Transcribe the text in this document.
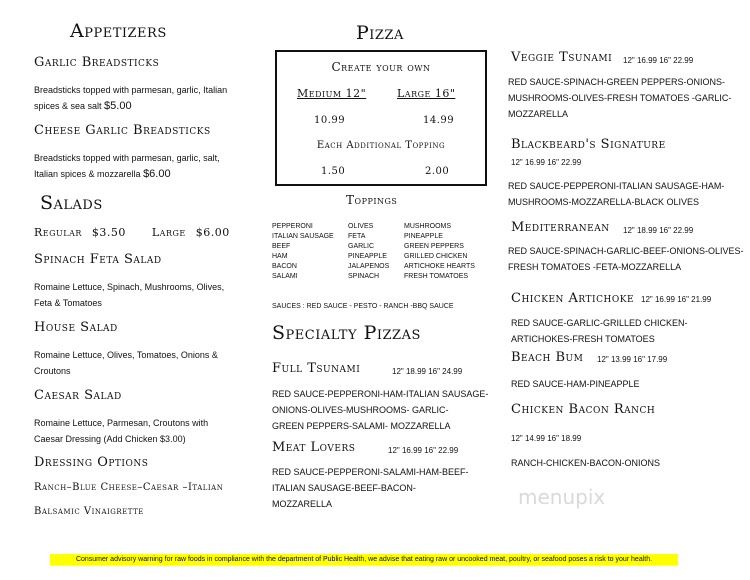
Appetizers
Garlic Breadsticks
Breadsticks topped with parmesan, garlic, Italian
spices & sea salt $5.00
Cheese Garlic Breadsticks
Breadsticks topped with parmesan, garlic, salt,
Italian spices & mozzarella $6.00
Salads
Regular $3.50 Large $6.00
Spinach Feta Salad
Romaine Lettuce, Spinach, Mushrooms, Olives,
Feta & Tomatoes
House Salad
Romaine Lettuce, Olives, Tomatoes, Onions &
Croutons
Caesar Salad
Romaine Lettuce, Parmesan, Croutons with
Caesar Dressing (Add Chicken $3.00)
Dressing Options
Ranch–Blue Cheese–Caesar –Italian
Balsamic Vinaigrette
Pizza
Create your own
Medium 12"	Large 16"
10.99	14.99
Each Additional Topping
1.50	2.00
Toppings
PEPPERONI	OLIVES	MUSHROOMS
ITALIAN SAUSAGE	FETA	PINEAPPLE
BEEF	GARLIC	GREEN PEPPERS
HAM	PINEAPPLE	GRILLED CHICKEN
BACON	JALAPENOS	ARTICHOKE HEARTS
SALAMI	SPINACH	FRESH TOMATOES
SAUCES : RED SAUCE - PESTO - RANCH -BBQ SAUCE
Specialty Pizzas
Full Tsunami	12" 18.99 16" 24.99
RED SAUCE-PEPPERONI-HAM-ITALIAN SAUSAGE-
ONIONS-OLIVES-MUSHROOMS- GARLIC-
GREEN PEPPERS-SALAMI- MOZZARELLA
Meat Lovers	12" 16.99 16" 22.99
RED SAUCE-PEPPERONI-SALAMI-HAM-BEEF-
ITALIAN SAUSAGE-BEEF-BACON-
MOZZARELLA
Veggie Tsunami 12" 16.99 16" 22.99
RED SAUCE-SPINACH-GREEN PEPPERS-ONIONS-
MUSHROOMS-OLIVES-FRESH TOMATOES -GARLIC-
MOZZARELLA
Blackbeard's Signature
12" 16.99 16" 22.99
RED SAUCE-PEPPERONI-ITALIAN SAUSAGE-HAM-
MUSHROOMS-MOZZARELLA-BLACK OLIVES
Mediterranean 12" 18.99 16" 22.99
RED SAUCE-SPINACH-GARLIC-BEEF-ONIONS-OLIVES-
FRESH TOMATOES -FETA-MOZZARELLA
Chicken Artichoke 12" 16.99 16" 21.99
RED SAUCE-GARLIC-GRILLED CHICKEN-
ARTICHOKES-FRESH TOMATOES
Beach Bum 12" 13.99 16" 17.99
RED SAUCE-HAM-PINEAPPLE
Chicken Bacon Ranch
12" 14.99 16" 18.99
RANCH-CHICKEN-BACON-ONIONS
menupix
Consumer advisory warning for raw foods in compliance with the department of Public Health, we advise that eating raw or uncooked meat, poultry, or seafood poses a risk to your health.
